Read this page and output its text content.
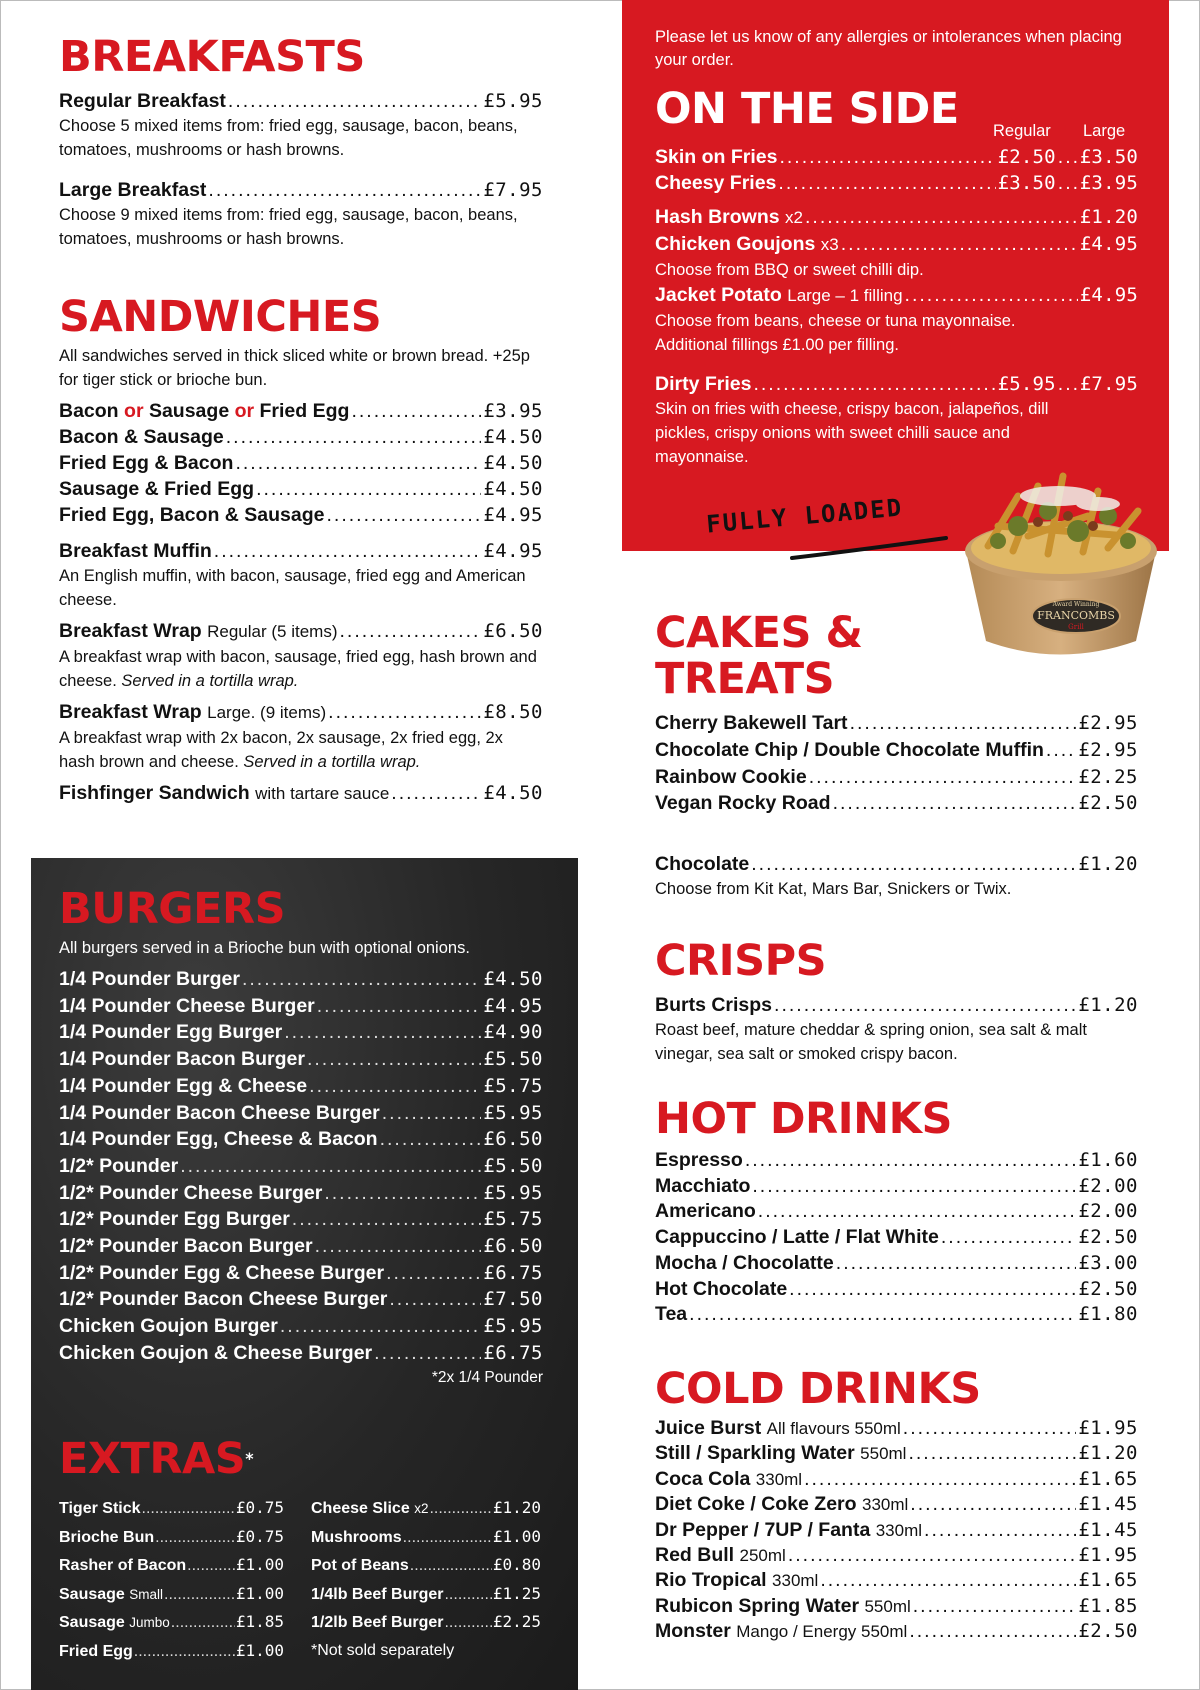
BREAKFASTS
Regular Breakfast .....	£5.95
Choose 5 mixed items from: fried egg, sausage, bacon, beans, tomatoes, mushrooms or hash browns.
Large Breakfast .....	£7.95
Choose 9 mixed items from: fried egg, sausage, bacon, beans, tomatoes, mushrooms or hash browns.
SANDWICHES
All sandwiches served in thick sliced white or brown bread. +25p for tiger stick or brioche bun.
Bacon or Sausage or Fried Egg .....	£3.95
Bacon & Sausage .....	£4.50
Fried Egg & Bacon .....	£4.50
Sausage & Fried Egg .....	£4.50
Fried Egg, Bacon & Sausage .....	£4.95
Breakfast Muffin .....	£4.95
An English muffin, with bacon, sausage, fried egg and American cheese.
Breakfast Wrap Regular (5 items) .....	£6.50
A breakfast wrap with bacon, sausage, fried egg, hash brown and cheese. Served in a tortilla wrap.
Breakfast Wrap Large. (9 items) .....	£8.50
A breakfast wrap with 2x bacon, 2x sausage, 2x fried egg, 2x hash brown and cheese. Served in a tortilla wrap.
Fishfinger Sandwich with tartare sauce .....	£4.50
BURGERS
All burgers served in a Brioche bun with optional onions.
1/4 Pounder Burger .....	£4.50
1/4 Pounder Cheese Burger .....	£4.95
1/4 Pounder Egg Burger .....	£4.90
1/4 Pounder Bacon Burger .....	£5.50
1/4 Pounder Egg & Cheese .....	£5.75
1/4 Pounder Bacon Cheese Burger .....	£5.95
1/4 Pounder Egg, Cheese & Bacon .....	£6.50
1/2* Pounder .....	£5.50
1/2* Pounder Cheese Burger .....	£5.95
1/2* Pounder Egg Burger .....	£5.75
1/2* Pounder Bacon Burger .....	£6.50
1/2* Pounder Egg & Cheese Burger .....	£6.75
1/2* Pounder Bacon Cheese Burger .....	£7.50
Chicken Goujon Burger .....	£5.95
Chicken Goujon & Cheese Burger .....	£6.75
*2x 1/4 Pounder
EXTRAS*
Tiger Stick .....	£0.75
Brioche Bun .....	£0.75
Rasher of Bacon .....	£1.00
Sausage Small .....	£1.00
Sausage Jumbo .....	£1.85
Fried Egg .....	£1.00
Cheese Slice x2 .....	£1.20
Mushrooms .....	£1.00
Pot of Beans .....	£0.80
1/4lb Beef Burger .....	£1.25
1/2lb Beef Burger .....	£2.25
*Not sold separately
Please let us know of any allergies or intolerances when placing your order.
ON THE SIDE	Regular Large
Skin on Fries .....	£2.50 ..... £3.50
Cheesy Fries .....	£3.50 ..... £3.95
Hash Browns x2 .....	£1.20
Chicken Goujons x3 .....	£4.95
Choose from BBQ or sweet chilli dip.
Jacket Potato Large – 1 filling .....	£4.95
Choose from beans, cheese or tuna mayonnaise. Additional fillings £1.00 per filling.
Dirty Fries .....	£5.95 ..... £7.95
Skin on fries with cheese, crispy bacon, jalapeños, dill pickles, crispy onions with sweet chilli sauce and mayonnaise.
FULLY LOADED
Award Winning
FRANCOMBS
Grill
CAKES &
TREATS
Cherry Bakewell Tart .....	£2.95
Chocolate Chip / Double Chocolate Muffin ..... £2.95
Rainbow Cookie .....	£2.25
Vegan Rocky Road .....	£2.50
Chocolate .....	£1.20
Choose from Kit Kat, Mars Bar, Snickers or Twix.
CRISPS
Burts Crisps .....	£1.20
Roast beef, mature cheddar & spring onion, sea salt & malt vinegar, sea salt or smoked crispy bacon.
HOT DRINKS
Espresso .....	£1.60
Macchiato .....	£2.00
Americano .....	£2.00
Cappuccino / Latte / Flat White .....	£2.50
Mocha / Chocolatte .....	£3.00
Hot Chocolate .....	£2.50
Tea .....	£1.80
COLD DRINKS
Juice Burst All flavours 550ml .....	£1.95
Still / Sparkling Water 550ml .....	£1.20
Coca Cola 330ml .....	£1.65
Diet Coke / Coke Zero 330ml .....	£1.45
Dr Pepper / 7UP / Fanta 330ml .....	£1.45
Red Bull 250ml .....	£1.95
Rio Tropical 330ml .....	£1.65
Rubicon Spring Water 550ml .....	£1.85
Monster Mango / Energy 550ml .....	£2.50
